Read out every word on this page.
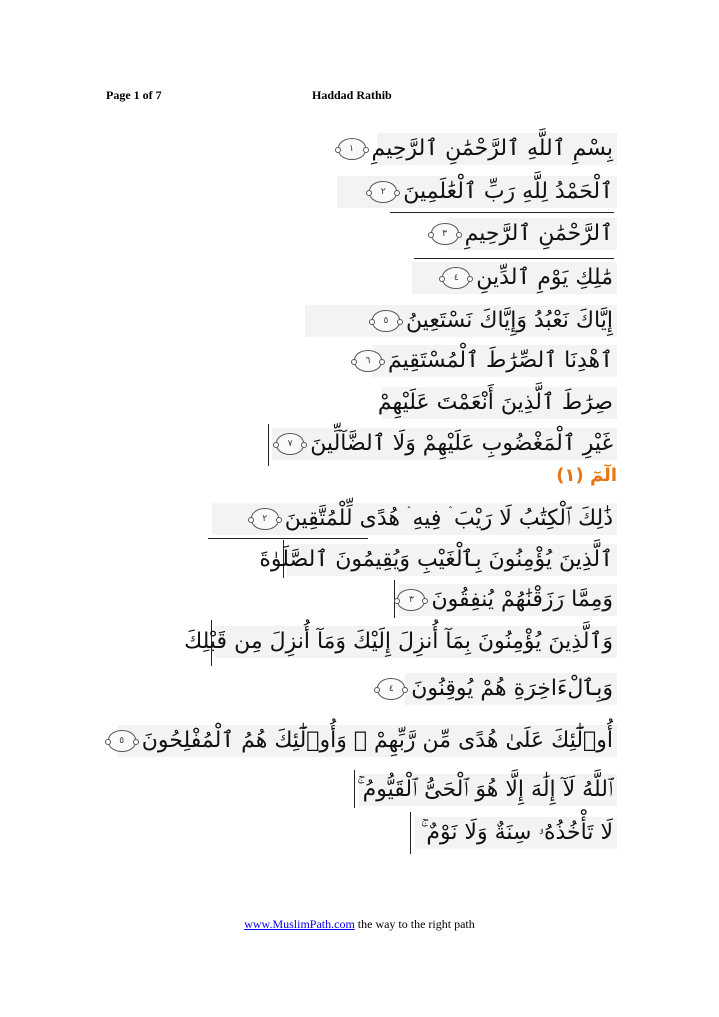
Page 1 of 7	Haddad Rathib
بِسْمِ ٱللَّهِ ٱلرَّحْمَٰنِ ٱلرَّحِيمِ١
ٱلْحَمْدُ لِلَّهِ رَبِّ ٱلْعَٰلَمِينَ٢
ٱلرَّحْمَٰنِ ٱلرَّحِيمِ٣
مَٰلِكِ يَوْمِ ٱلدِّينِ٤
إِيَّاكَ نَعْبُدُ وَإِيَّاكَ نَسْتَعِينُ٥
ٱهْدِنَا ٱلصِّرَٰطَ ٱلْمُسْتَقِيمَ٦
صِرَٰطَ ٱلَّذِينَ أَنْعَمْتَ عَلَيْهِمْ
غَيْرِ ٱلْمَغْضُوبِ عَلَيْهِمْ وَلَا ٱلضَّآلِّينَ٧
الٓمٓ (١)
ذَٰلِكَ ٱلْكِتَٰبُ لَا رَيْبَ ۛ فِيهِ ۛ هُدًى لِّلْمُتَّقِينَ٢
ٱلَّذِينَ يُؤْمِنُونَ بِٱلْغَيْبِ وَيُقِيمُونَ ٱلصَّلَوٰةَ
وَمِمَّا رَزَقْنَٰهُمْ يُنفِقُونَ٣
وَٱلَّذِينَ يُؤْمِنُونَ بِمَآ أُنزِلَ إِلَيْكَ وَمَآ أُنزِلَ مِن قَبْلِكَ
وَبِٱلْءَاخِرَةِ هُمْ يُوقِنُونَ٤
أُو۟لَٰٓئِكَ عَلَىٰ هُدًى مِّن رَّبِّهِمْ ۖ وَأُو۟لَٰٓئِكَ هُمُ ٱلْمُفْلِحُونَ٥
ٱللَّهُ لَآ إِلَٰهَ إِلَّا هُوَ ٱلْحَىُّ ٱلْقَيُّومُ ۚ
لَا تَأْخُذُهُۥ سِنَةٌ وَلَا نَوْمٌ ۚ
www.MuslimPath.com the way to the right path
